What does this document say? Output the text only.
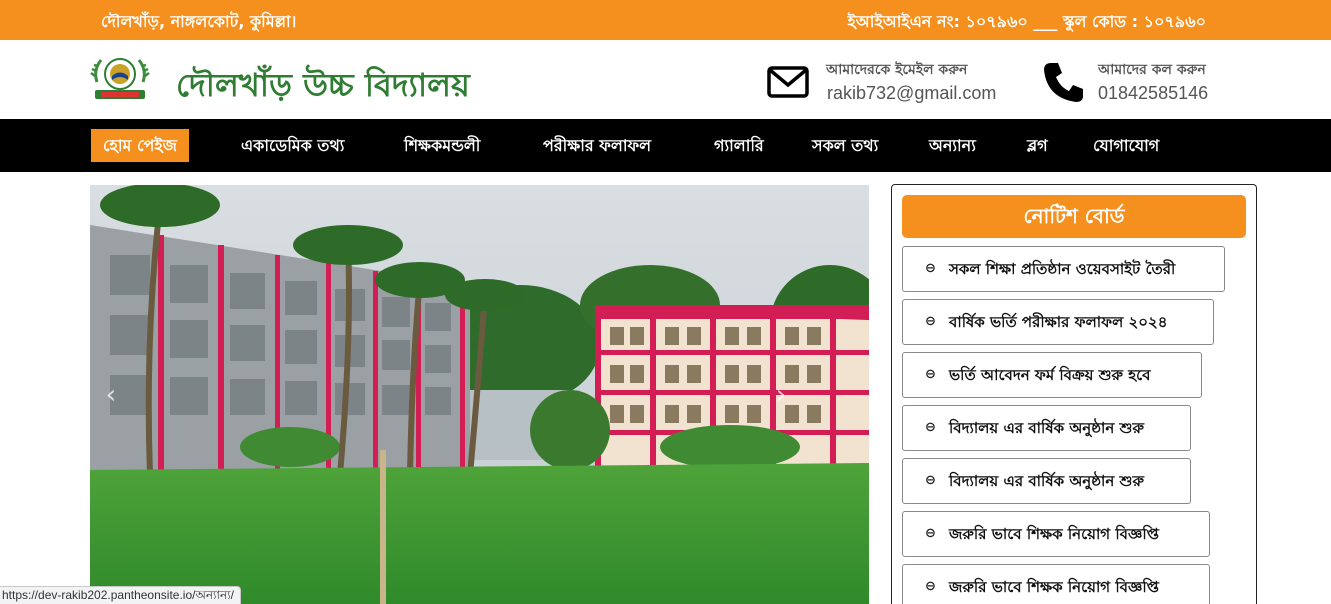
দৌলখাঁড়, নাঙ্গলকোট, কুমিল্লা।	ইআইআইএন নং: ১০৭৯৬০ ___ স্কুল কোড : ১০৭৯৬০
দৌলখাঁড় উচ্চ বিদ্যালয়	আমাদেরকে ইমেইল করুন
rakib732@gmail.com
আমাদের কল করুন
01842585146
হোম পেইজ	একাডেমিক তথ্য	শিক্ষকমন্ডলী	পরীক্ষার ফলাফল	গ্যালারি	সকল তথ্য	অন্যান্য	ব্লগ	যোগাযোগ
‹	›
নোটিশ বোর্ড
⊖ সকল শিক্ষা প্রতিষ্ঠান ওয়েবসাইট তৈরী
⊖ বার্ষিক ভর্তি পরীক্ষার ফলাফল ২০২৪
⊖ ভর্তি আবেদন ফর্ম বিক্রয় শুরু হবে
⊖ বিদ্যালয় এর বার্ষিক অনুষ্ঠান শুরু
⊖ বিদ্যালয় এর বার্ষিক অনুষ্ঠান শুরু
⊖ জরুরি ভাবে শিক্ষক নিয়োগ বিজ্ঞপ্তি
⊖ জরুরি ভাবে শিক্ষক নিয়োগ বিজ্ঞপ্তি
https://dev-rakib202.pantheonsite.io/অন্যান্য/
